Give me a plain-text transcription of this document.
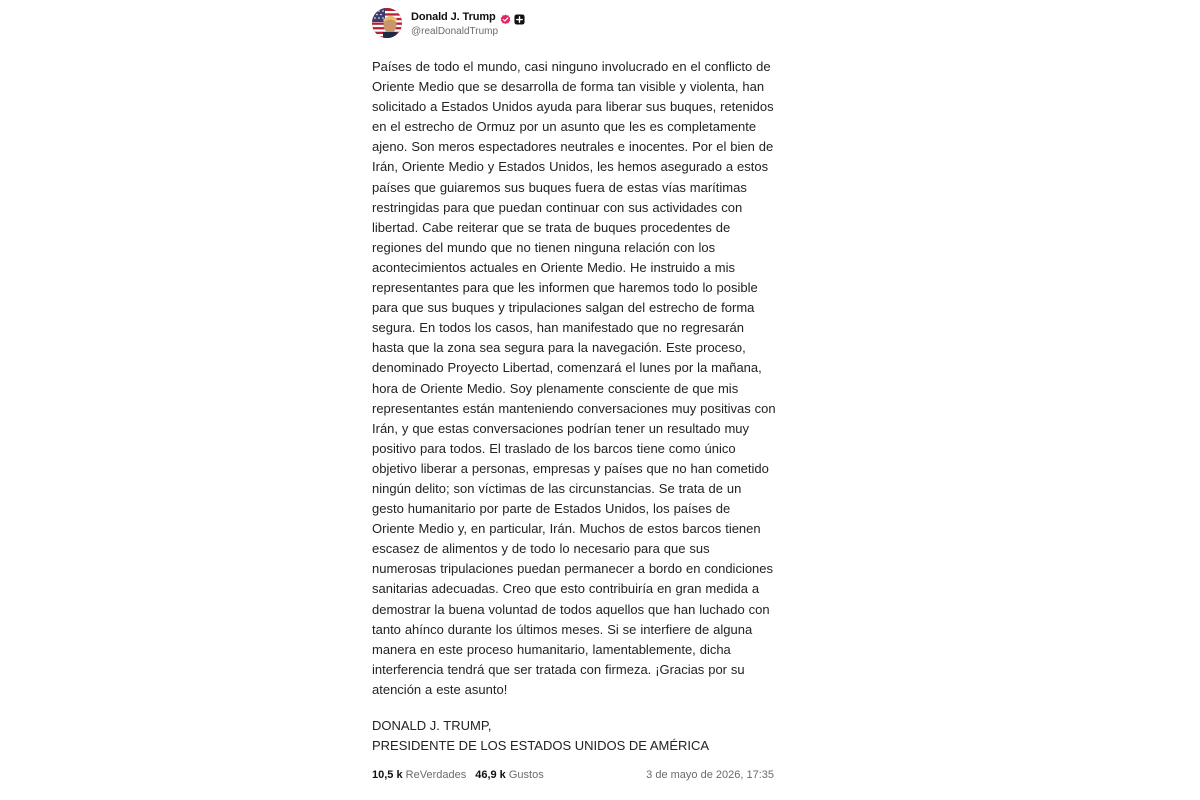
Donald J. Trump
@realDonaldTrump
Países de todo el mundo, casi ninguno involucrado en el conflicto de Oriente Medio que se desarrolla de forma tan visible y violenta, han solicitado a Estados Unidos ayuda para liberar sus buques, retenidos en el estrecho de Ormuz por un asunto que les es completamente ajeno. Son meros espectadores neutrales e inocentes. Por el bien de Irán, Oriente Medio y Estados Unidos, les hemos asegurado a estos países que guiaremos sus buques fuera de estas vías marítimas restringidas para que puedan continuar con sus actividades con libertad. Cabe reiterar que se trata de buques procedentes de regiones del mundo que no tienen ninguna relación con los acontecimientos actuales en Oriente Medio. He instruido a mis representantes para que les informen que haremos todo lo posible para que sus buques y tripulaciones salgan del estrecho de forma segura. En todos los casos, han manifestado que no regresarán hasta que la zona sea segura para la navegación. Este proceso, denominado Proyecto Libertad, comenzará el lunes por la mañana, hora de Oriente Medio. Soy plenamente consciente de que mis representantes están manteniendo conversaciones muy positivas con Irán, y que estas conversaciones podrían tener un resultado muy positivo para todos. El traslado de los barcos tiene como único objetivo liberar a personas, empresas y países que no han cometido ningún delito; son víctimas de las circunstancias. Se trata de un gesto humanitario por parte de Estados Unidos, los países de Oriente Medio y, en particular, Irán. Muchos de estos barcos tienen escasez de alimentos y de todo lo necesario para que sus numerosas tripulaciones puedan permanecer a bordo en condiciones sanitarias adecuadas. Creo que esto contribuiría en gran medida a demostrar la buena voluntad de todos aquellos que han luchado con tanto ahínco durante los últimos meses. Si se interfiere de alguna manera en este proceso humanitario, lamentablemente, dicha interferencia tendrá que ser tratada con firmeza. ¡Gracias por su atención a este asunto!
DONALD J. TRUMP,
PRESIDENTE DE LOS ESTADOS UNIDOS DE AMÉRICA
10,5 k ReVerdades 46,9 k Gustos	3 de mayo de 2026, 17:35
